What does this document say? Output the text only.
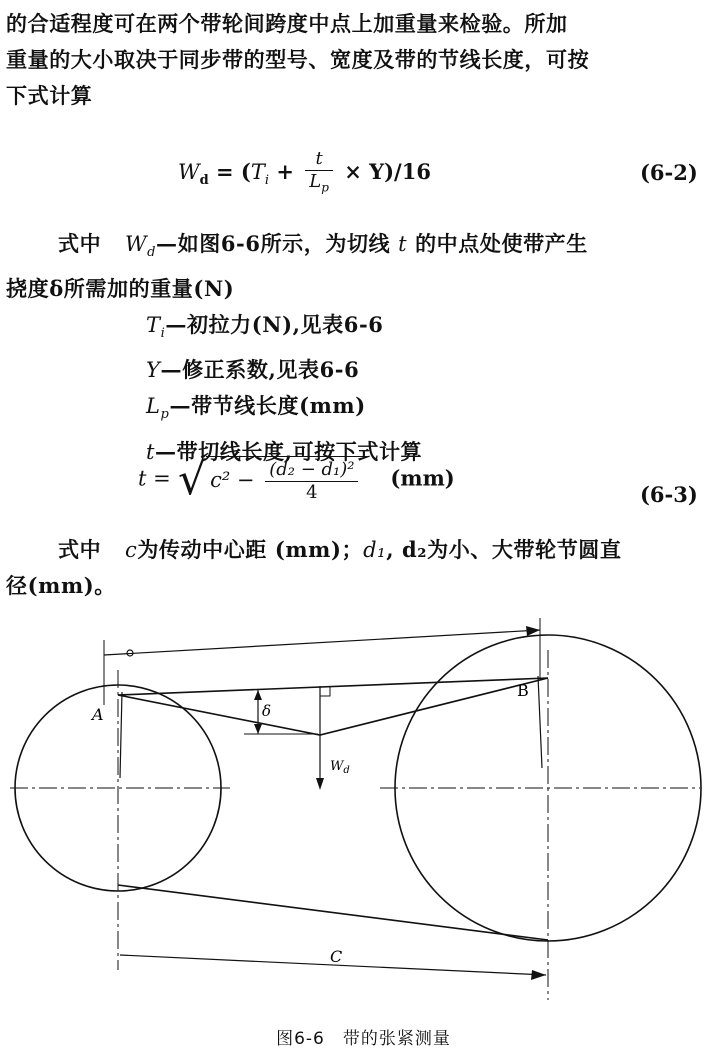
的合适程度可在两个带轮间跨度中点上加重量来检验。所加
重量的大小取决于同步带的型号、宽度及带的节线长度，可按
下式计算
$W_d = (T_i + \frac{t}{L_p} \times Y)/16$	(6-2)
式中 $W_d—$如图6-6所示，为切线 t 的中点处使带产生
挠度δ所需加的重量(N)
$T_i—$初拉力(N),见表6-6
Y—修正系数,见表6-6
$L_p—$带节线长度(mm)
t—带切线长度,可按下式计算
t = √ $c^2 - \frac{\text{(d₂ − d₁)²}}{4} (mm)$
(6-3)
式中 c为传动中心距 (mm)；d₁, d₂为小、大带轮节圆直
径(mm)。
A
B
δ
$W_d$
C
图6-6　带的张紧测量
